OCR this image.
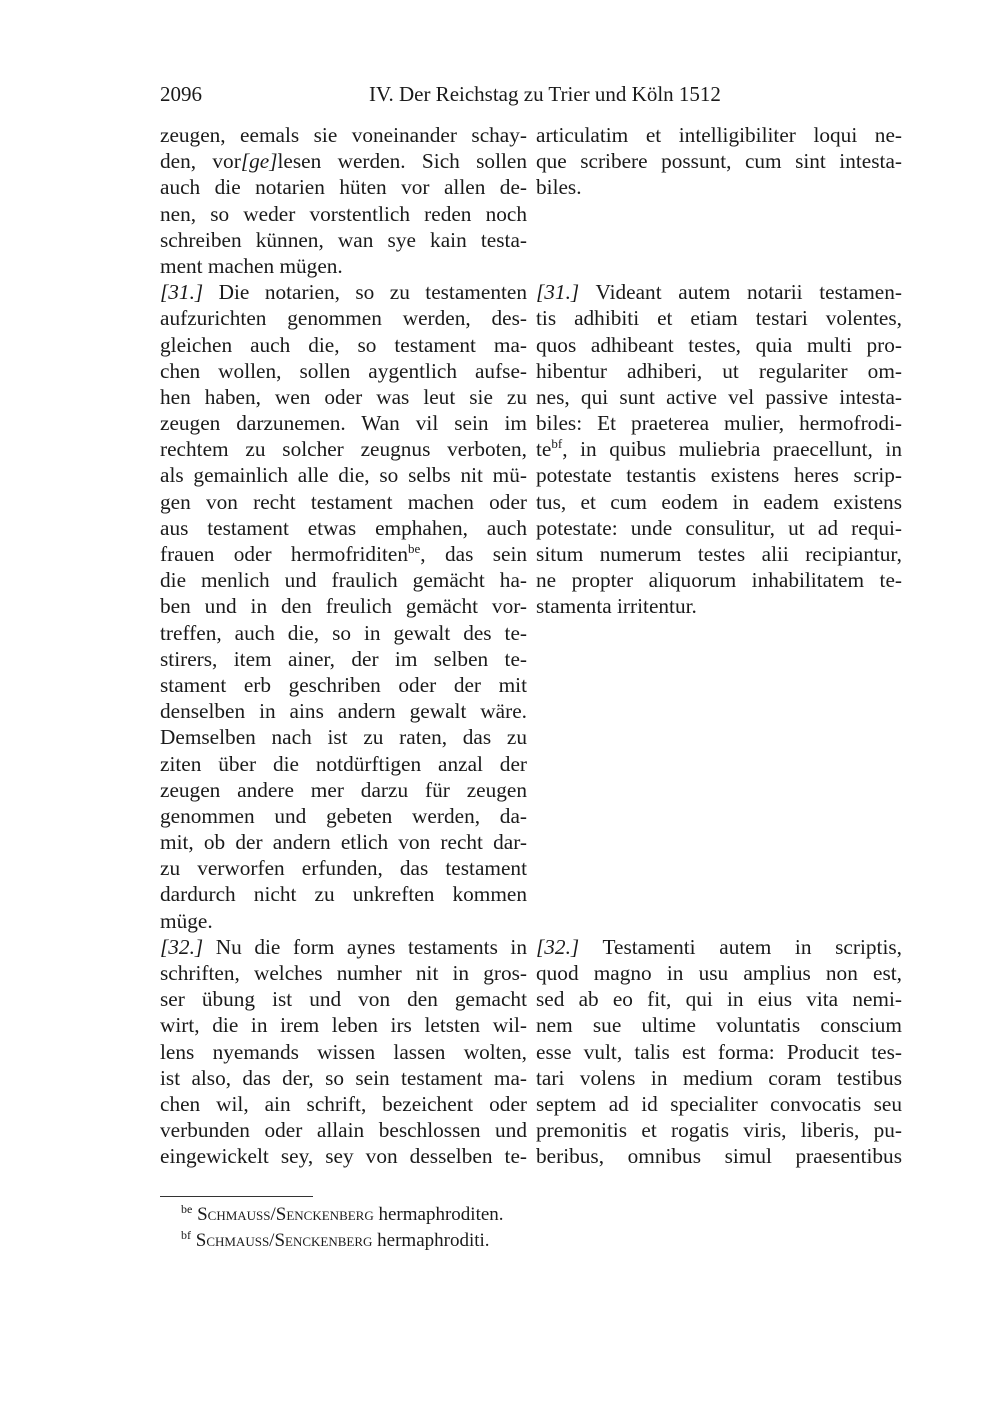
2096	IV. Der Reichstag zu Trier und Köln 1512
zeugen, eemals sie voneinander schay-
den, vor[ge]lesen werden. Sich sollen
auch die notarien hüten vor allen de-
nen, so weder vorstentlich reden noch
schreiben künnen, wan sye kain testa-
ment machen mügen.
[31.] Die notarien, so zu testamenten
aufzurichten genommen werden, des-
gleichen auch die, so testament ma-
chen wollen, sollen aygentlich aufse-
hen haben, wen oder was leut sie zu
zeugen darzunemen. Wan vil sein im
rechtem zu solcher zeugnus verboten,
als gemainlich alle die, so selbs nit mü-
gen von recht testament machen oder
aus testament etwas emphahen, auch
frauen oder hermofriditen$^{be}$, das sein
die menlich und fraulich gemächt ha-
ben und in den freulich gemächt vor-
treffen, auch die, so in gewalt des te-
stirers, item ainer, der im selben te-
stament erb geschriben oder der mit
denselben in ains andern gewalt wäre.
Demselben nach ist zu raten, das zu
ziten über die notdürftigen anzal der
zeugen andere mer darzu für zeugen
genommen und gebeten werden, da-
mit, ob der andern etlich von recht dar-
zu verworfen erfunden, das testament
dardurch nicht zu unkreften kommen
müge.
[32.] Nu die form aynes testaments in
schriften, welches numher nit in gros-
ser übung ist und von den gemacht
wirt, die in irem leben irs letsten wil-
lens nyemands wissen lassen wolten,
ist also, das der, so sein testament ma-
chen wil, ain schrift, bezeichent oder
verbunden oder allain beschlossen und
eingewickelt sey, sey von desselben te-
articulatim et intelligibiliter loqui ne-
que scribere possunt, cum sint intesta-
biles.

[31.] Videant autem notarii testamen-
tis adhibiti et etiam testari volentes,
quos adhibeant testes, quia multi pro-
hibentur adhiberi, ut regulariter om-
nes, qui sunt active vel passive intesta-
biles: Et praeterea mulier, hermofrodi-
$te^{bf}$, in quibus muliebria praecellunt, in
potestate testantis existens heres scrip-
tus, et cum eodem in eadem existens
potestate: unde consulitur, ut ad requi-
situm numerum testes alii recipiantur,
ne propter aliquorum inhabilitatem te-
stamenta irritentur.

[32.] Testamenti autem in scriptis,
quod magno in usu amplius non est,
sed ab eo fit, qui in eius vita nemi-
nem sue ultime voluntatis conscium
esse vult, talis est forma: Producit tes-
tari volens in medium coram testibus
septem ad id specialiter convocatis seu
premonitis et rogatis viris, liberis, pu-
beribus, omnibus simul praesentibus
$^{be}$ Schmauss/Senckenberg hermaphroditen.
$^{bf}$ Schmauss/Senckenberg hermaphroditi.
